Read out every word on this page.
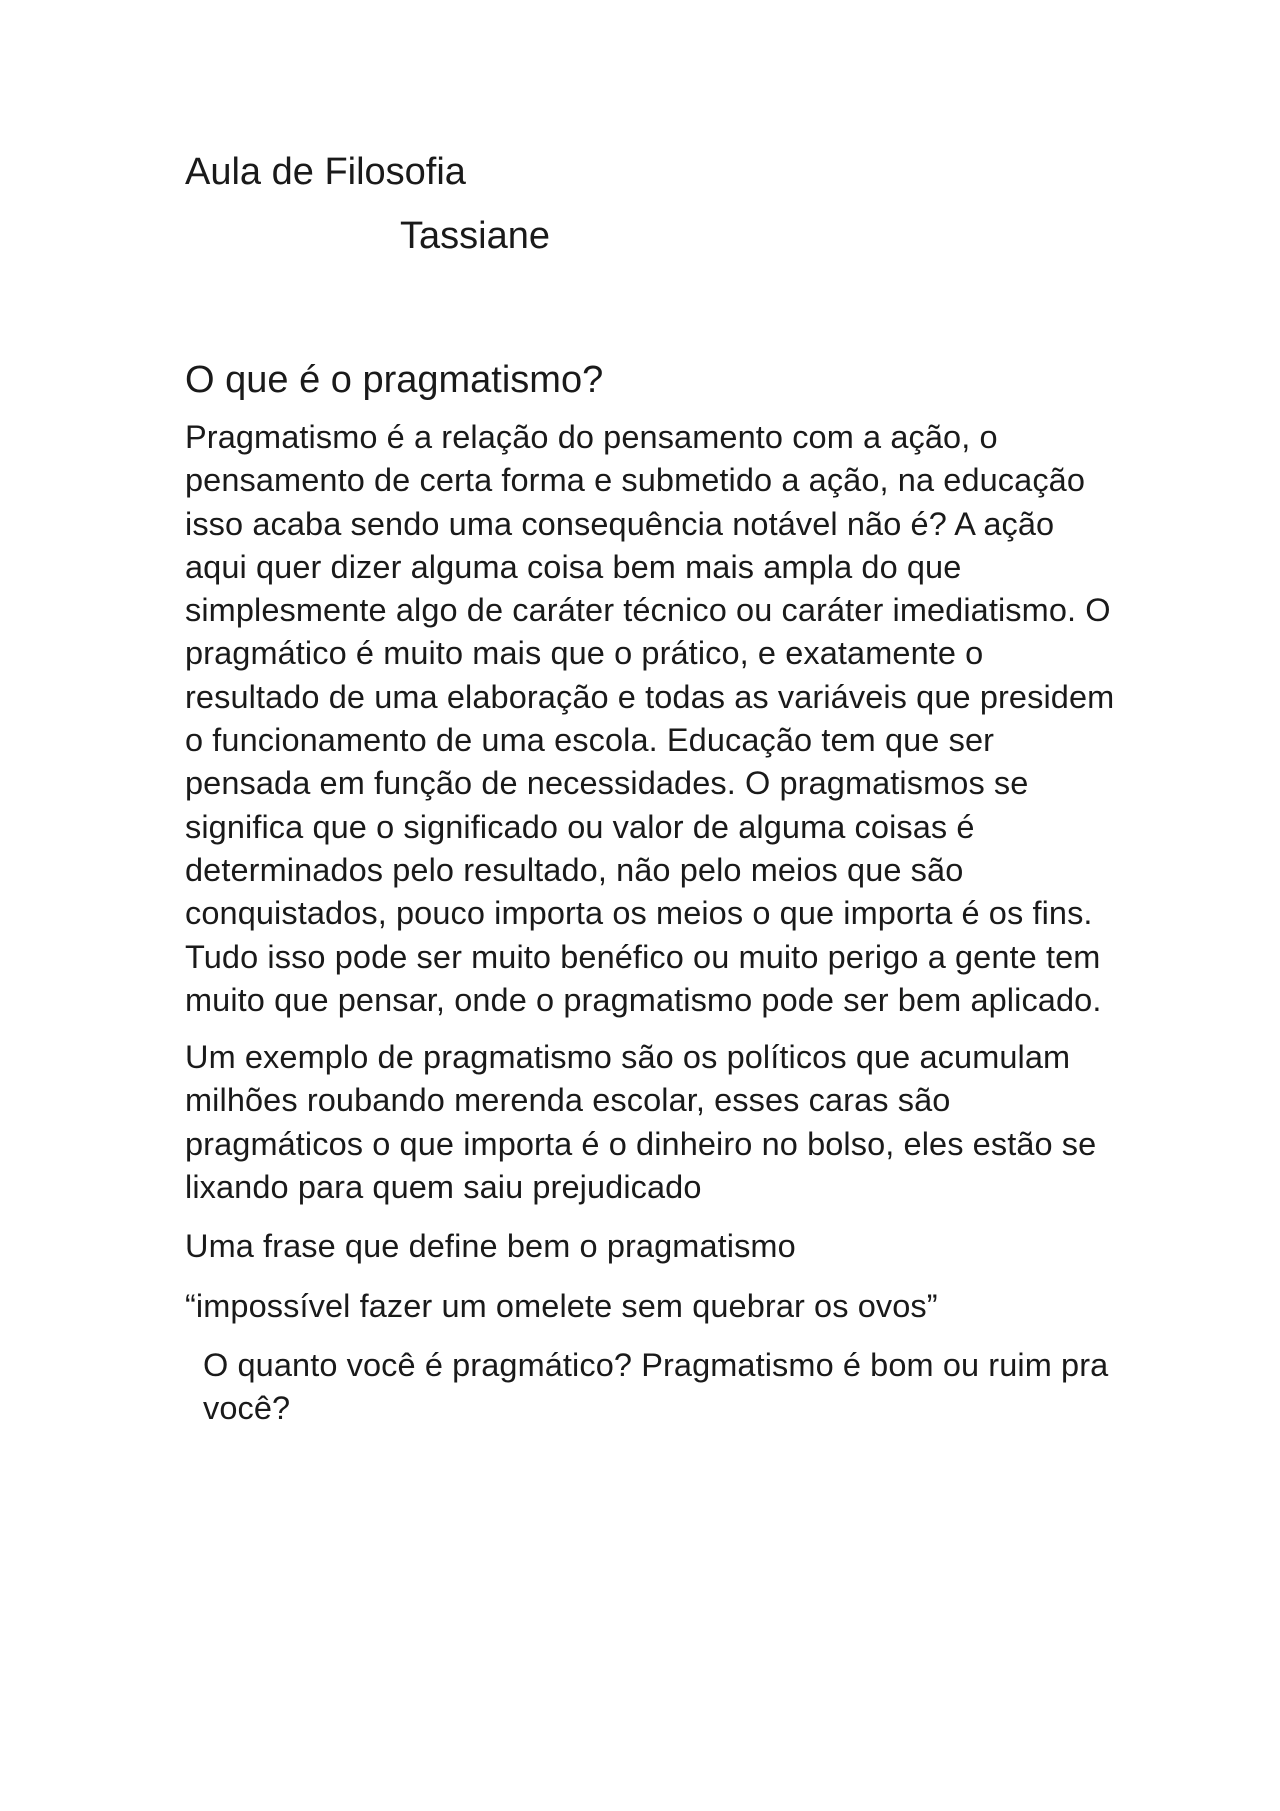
Aula de Filosofia
Tassiane
O que é o pragmatismo?

Pragmatismo é a relação do pensamento com a ação, o pensamento de certa forma e submetido a ação, na educação isso acaba sendo uma consequência notável não é? A ação aqui quer dizer alguma coisa bem mais ampla do que simplesmente algo de caráter técnico ou caráter imediatismo. O pragmático é muito mais que o prático, e exatamente o resultado de uma elaboração e todas as variáveis que presidem o funcionamento de uma escola. Educação tem que ser pensada em função de necessidades. O pragmatismos se significa que o significado ou valor de alguma coisas é determinados pelo resultado, não pelo meios que são conquistados, pouco importa os meios o que importa é os fins. Tudo isso pode ser muito benéfico ou muito perigo a gente tem muito que pensar, onde o pragmatismo pode ser bem aplicado.

Um exemplo de pragmatismo são os políticos que acumulam milhões roubando merenda escolar, esses caras são pragmáticos o que importa é o dinheiro no bolso, eles estão se lixando para quem saiu prejudicado

Uma frase que define bem o pragmatismo

“impossível fazer um omelete sem quebrar os ovos”

O quanto você é pragmático? Pragmatismo é bom ou ruim pra você?
